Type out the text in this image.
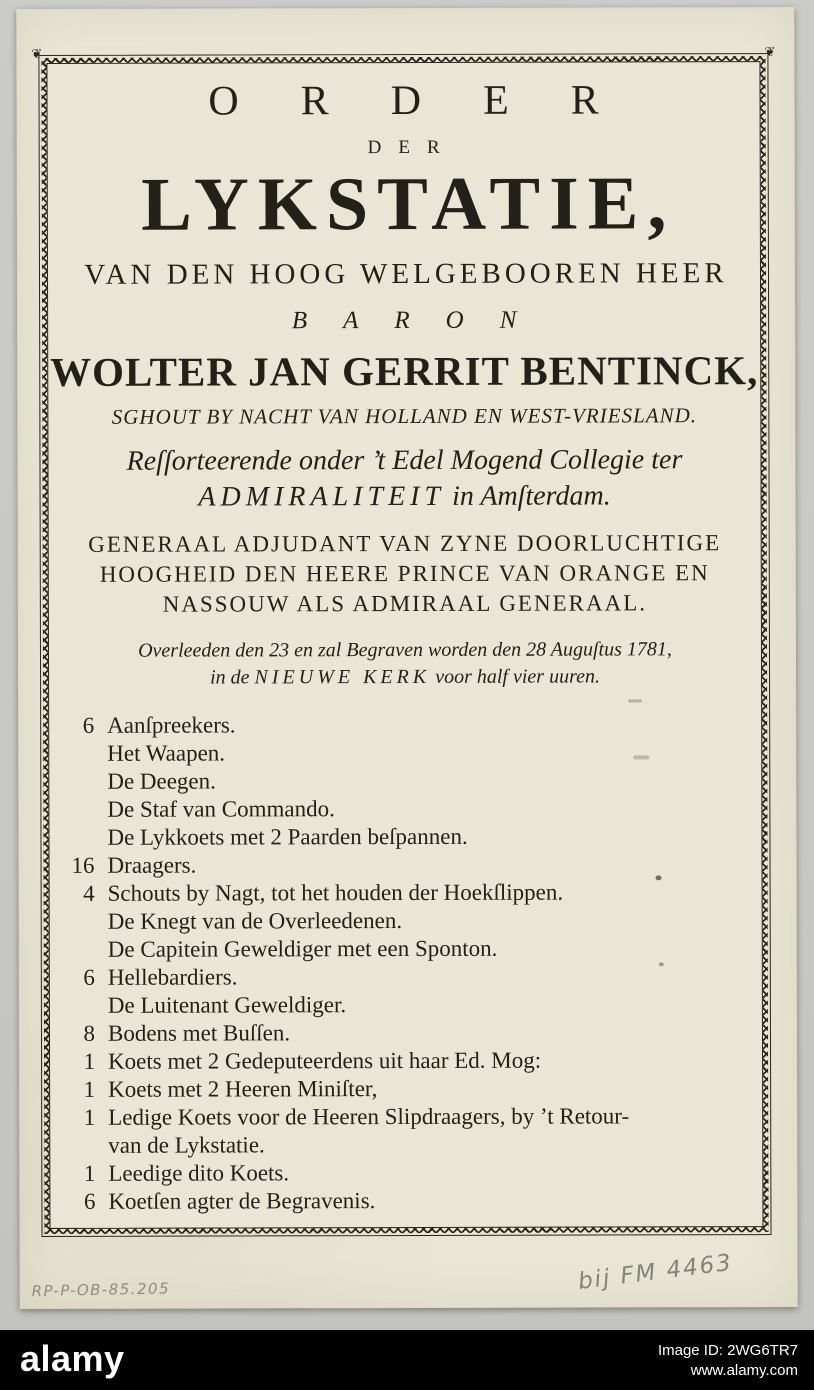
❦	❦
ORDER
DER
LYKSTATIE,
VAN DEN HOOG WELGEBOOREN HEER
BARON
WOLTER JAN GERRIT BENTINCK,
SGHOUT BY NACHT VAN HOLLAND EN WEST-VRIESLAND.
Reſſorteerende onder ’t Edel Mogend Collegie ter
ADMIRALITEIT in Amſterdam.
GENERAAL ADJUDANT VAN ZYNE DOORLUCHTIGE
HOOGHEID DEN HEERE PRINCE VAN ORANGE EN
NASSOUW ALS ADMIRAAL GENERAAL.
Overleeden den 23 en zal Begraven worden den 28 Auguſtus 1781,
in de NIEUWE KERK voor half vier uuren.
6 Aanſpreekers.
Het Waapen.
De Deegen.
De Staf van Commando.
De Lykkoets met 2 Paarden beſpannen.
16 Draagers.
4 Schouts by Nagt, tot het houden der Hoekſlippen.
De Knegt van de Overleedenen.
De Capitein Geweldiger met een Sponton.
6 Hellebardiers.
De Luitenant Geweldiger.
8 Bodens met Buſſen.
1 Koets met 2 Gedeputeerdens uit haar Ed. Mog:
1 Koets met 2 Heeren Miniſter,
1 Ledige Koets voor de Heeren Slipdraagers, by ’t Retour-
van de Lykstatie.
1 Leedige dito Koets.
6 Koetſen agter de Begravenis.
RP-P-OB-85.205	bij FM 4463
alamy	Image ID: 2WG6TR7
www.alamy.com
